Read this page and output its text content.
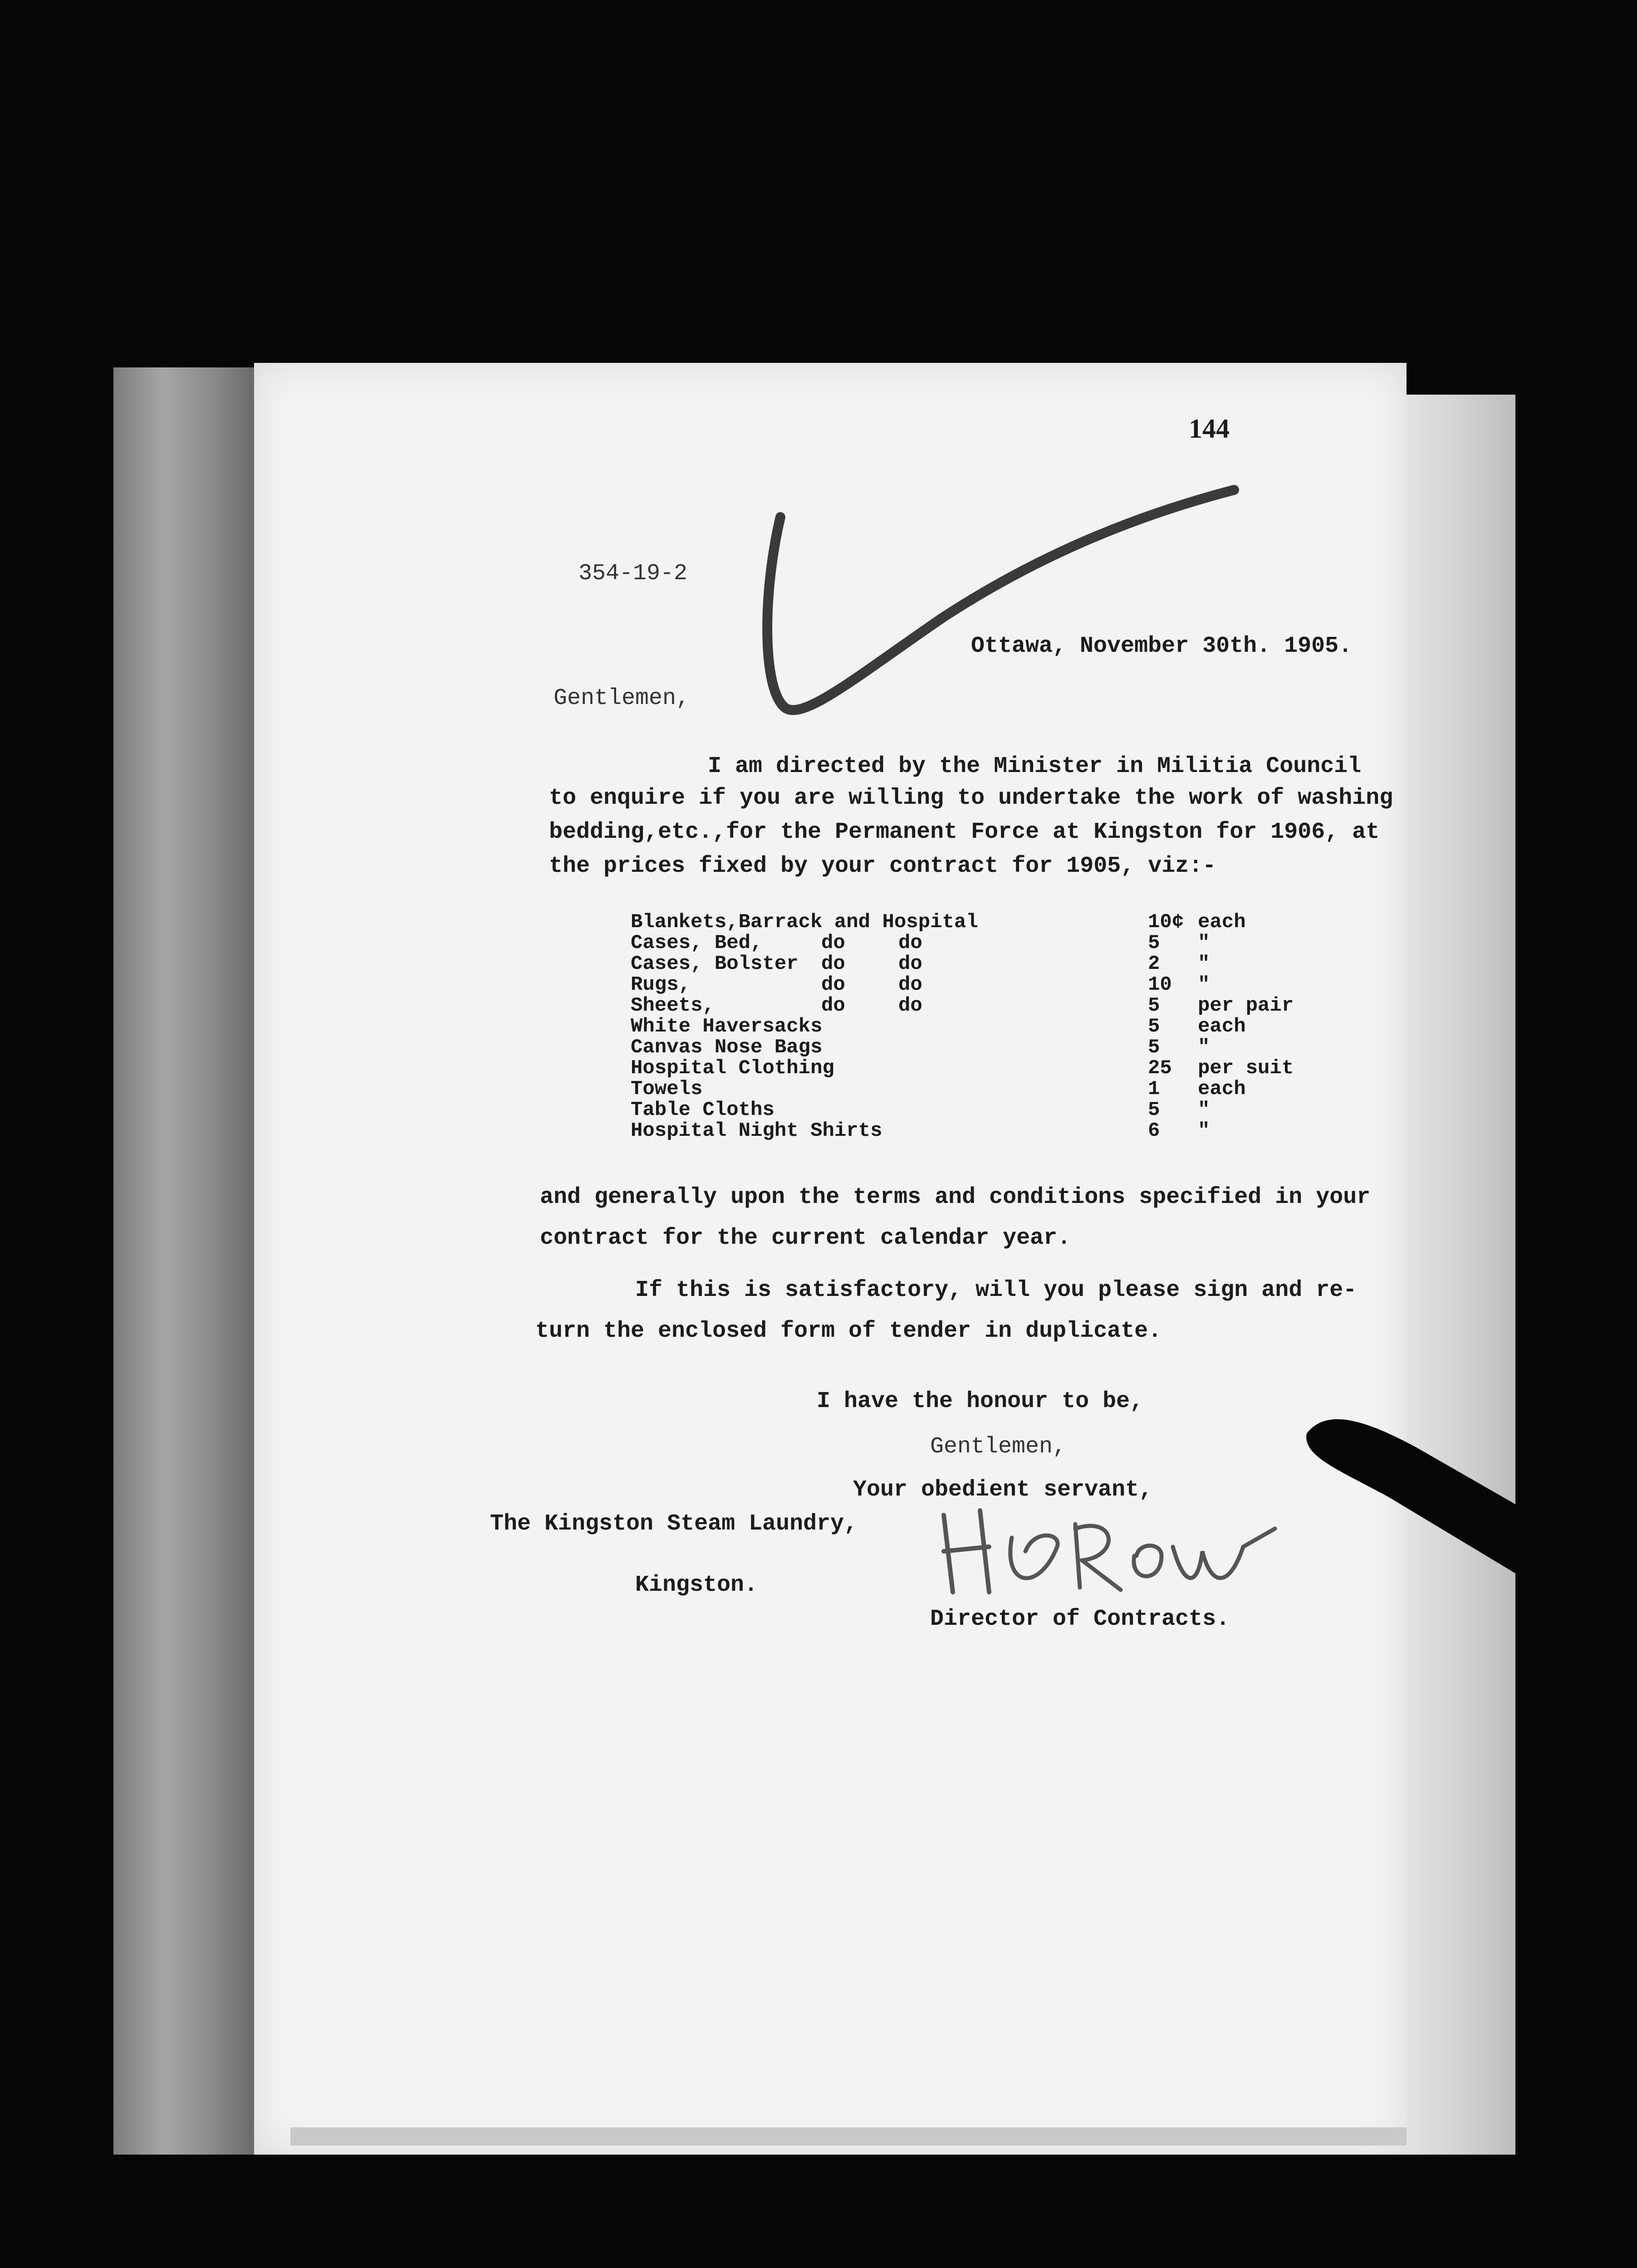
144
354-19-2
Ottawa, November 30th. 1905.
Gentlemen,
I am directed by the Minister in Militia Council
to enquire if you are willing to undertake the work of washing
bedding,etc.,for the Permanent Force at Kingston for 1906, at
the prices fixed by your contract for 1905, viz:-
Blankets,Barrack and Hospital	10¢ each
Cases, Bed,	do	do	5 "
Cases, Bolster do	do	2 "
Rugs,	do	do	10 "
Sheets,	do	do	5 per pair
White Haversacks	5 each
Canvas Nose Bags	5 "
Hospital Clothing	25 per suit
Towels	1 each
Table Cloths	5 "
Hospital Night Shirts	6 "
and generally upon the terms and conditions specified in your
contract for the current calendar year.
If this is satisfactory, will you please sign and re-
turn the enclosed form of tender in duplicate.
I have the honour to be,
Gentlemen,
Your obedient servant,
The Kingston Steam Laundry,
Kingston.
Director of Contracts.
